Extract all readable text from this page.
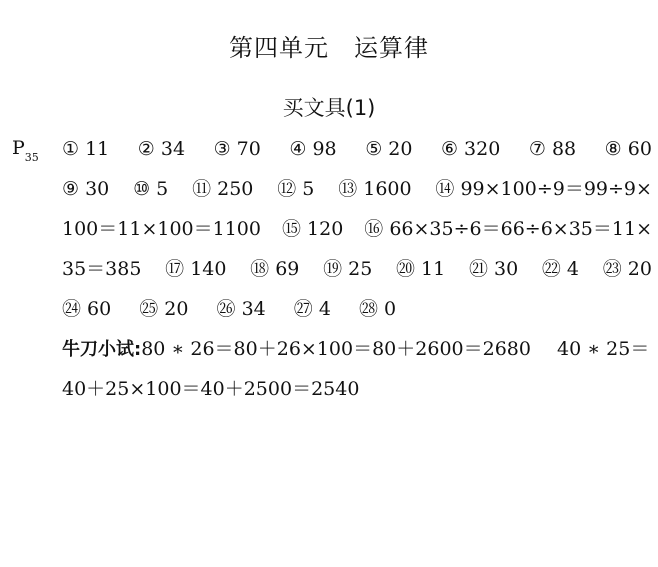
第四单元　运算律
买文具(1)
$P_{35}$ ① 11 ② 34 ③ 70 ④ 98 ⑤ 20 ⑥ 320 ⑦ 88 ⑧ 60
⑨ 30 ⑩ 5 ⑪ 250 ⑫ 5 ⑬ 1600 ⑭ 99×100÷9＝99÷9×
100＝11×100＝1100 ⑮ 120 ⑯ 66×35÷6＝66÷6×35＝11×
35＝385 ⑰ 140 ⑱ 69 ⑲ 25 ⑳ 11 ㉑ 30 ㉒ 4 ㉓ 20
㉔ 60 ㉕ 20 ㉖ 34 ㉗ 4 ㉘ 0
牛刀小试:80 ∗ 26＝80＋26×100＝80＋2600＝2680 40 ∗ 25＝
40＋25×100＝40＋2500＝2540
